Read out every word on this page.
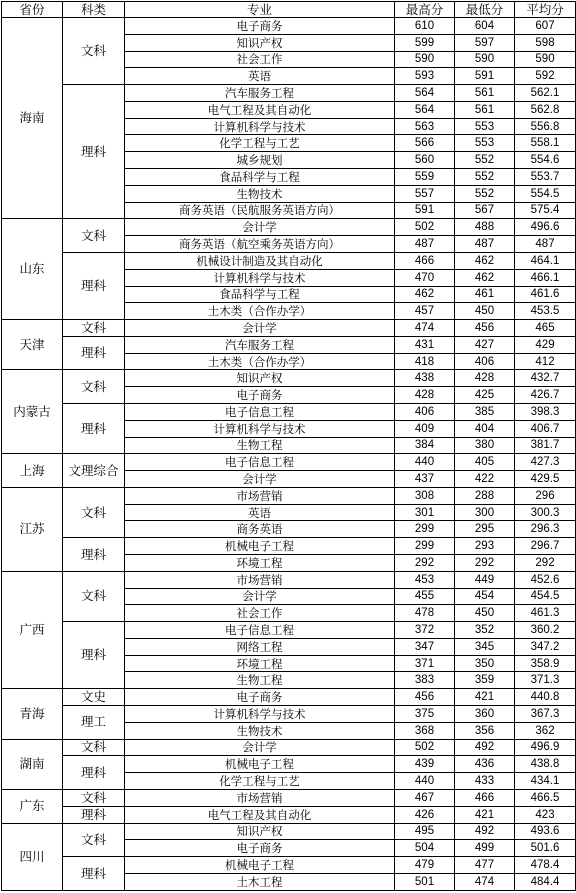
省份	科类	专业	最高分	最低分	平均分
海南	文科	电子商务	610	604	607
		知识产权	599	597	598
		社会工作	590	590	590
		英语	593	591	592
	理科	汽车服务工程	564	561	562.1
		电气工程及其自动化	564	561	562.8
		计算机科学与技术	563	553	556.8
		化学工程与工艺	566	553	558.1
		城乡规划	560	552	554.6
		食品科学与工程	559	552	553.7
		生物技术	557	552	554.5
		商务英语（民航服务英语方向）	591	567	575.4
山东	文科	会计学	502	488	496.6
		商务英语（航空乘务英语方向）	487	487	487
	理科	机械设计制造及其自动化	466	462	464.1
		计算机科学与技术	470	462	466.1
		食品科学与工程	462	461	461.6
		土木类（合作办学）	457	450	453.5
天津	文科	会计学	474	456	465
	理科	汽车服务工程	431	427	429
		土木类（合作办学）	418	406	412
内蒙古	文科	知识产权	438	428	432.7
		电子商务	428	425	426.7
	理科	电子信息工程	406	385	398.3
		计算机科学与技术	409	404	406.7
		生物工程	384	380	381.7
上海	文理综合	电子信息工程	440	405	427.3
		会计学	437	422	429.5
江苏	文科	市场营销	308	288	296
		英语	301	300	300.3
		商务英语	299	295	296.3
	理科	机械电子工程	299	293	296.7
		环境工程	292	292	292
广西	文科	市场营销	453	449	452.6
		会计学	455	454	454.5
		社会工作	478	450	461.3
	理科	电子信息工程	372	352	360.2
		网络工程	347	345	347.2
		环境工程	371	350	358.9
		生物工程	383	359	371.3
青海	文史	电子商务	456	421	440.8
	理工	计算机科学与技术	375	360	367.3
		生物技术	368	356	362
湖南	文科	会计学	502	492	496.9
	理科	机械电子工程	439	436	438.8
		化学工程与工艺	440	433	434.1
广东	文科	市场营销	467	466	466.5
	理科	电气工程及其自动化	426	421	423
四川	文科	知识产权	495	492	493.6
		电子商务	504	499	501.6
	理科	机械电子工程	479	477	478.4
		土木工程	501	474	484.4
